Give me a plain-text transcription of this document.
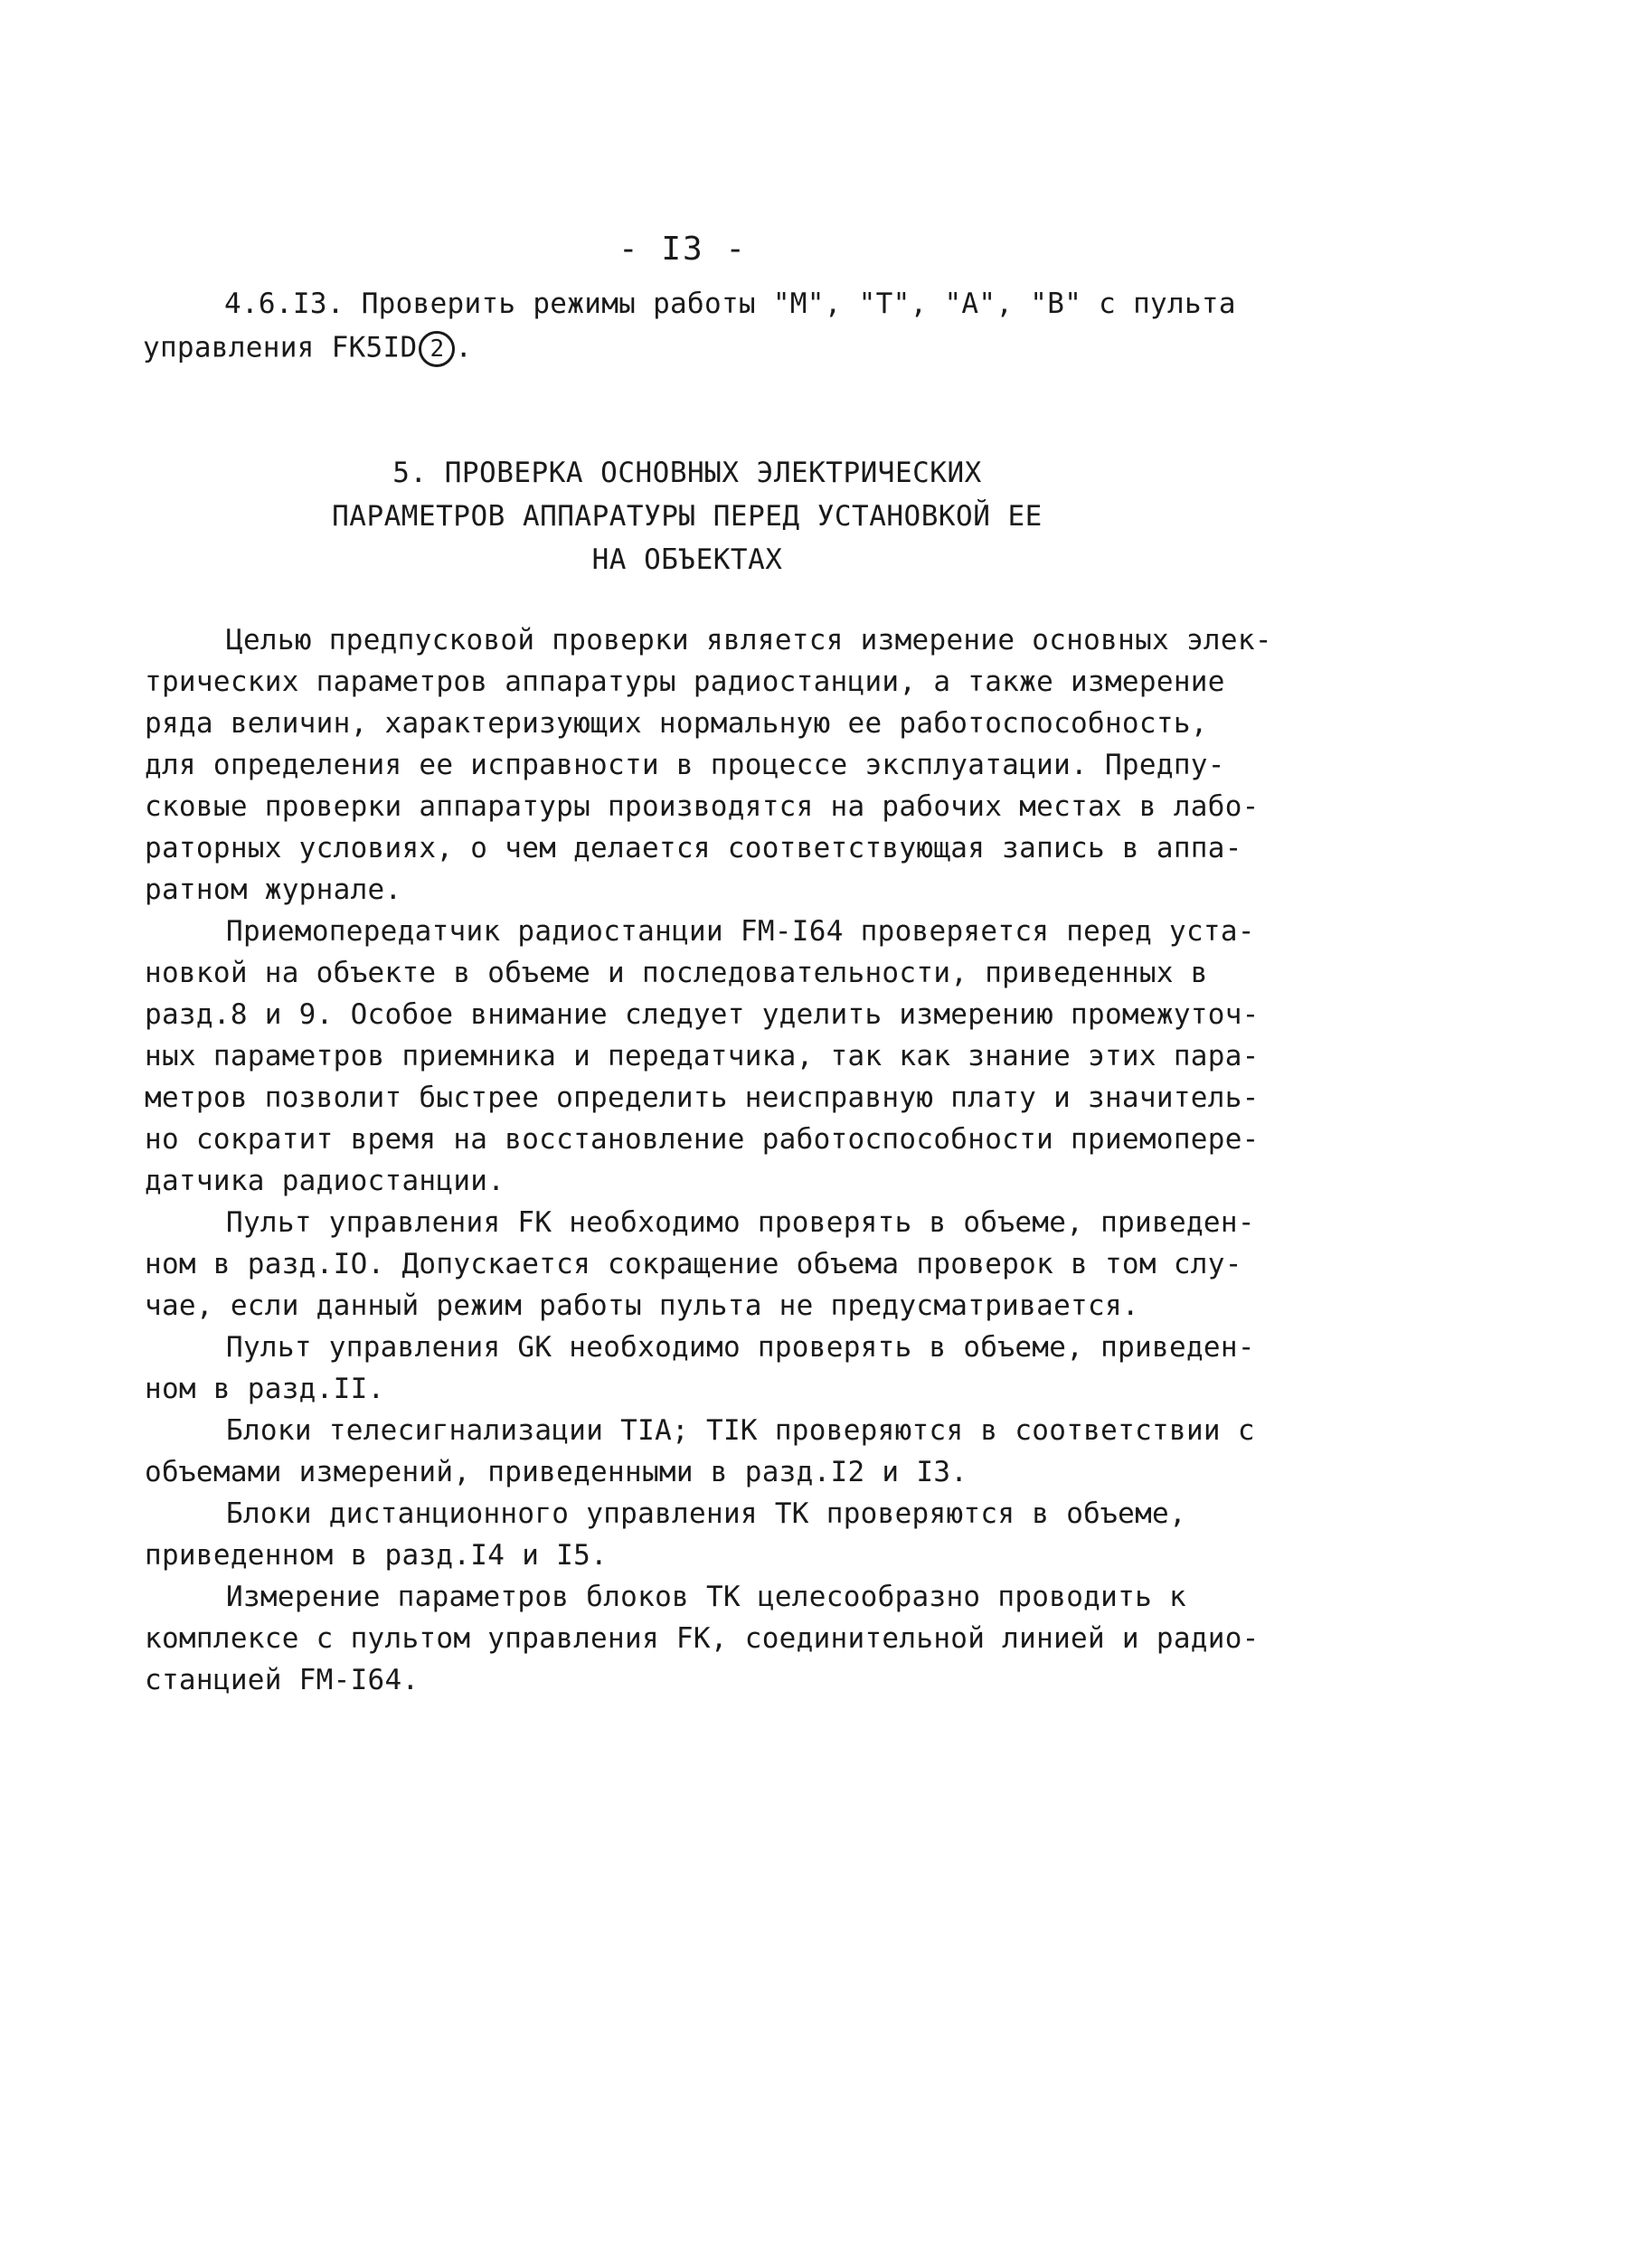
- I3 -
4.6.I3. Проверить режимы работы "М", "Т", "А", "В" с пульта
управления FK5ID 2 .
5. ПРОВЕРКА ОСНОВНЫХ ЭЛЕКТРИЧЕСКИХ
ПАРАМЕТРОВ АППАРАТУРЫ ПЕРЕД УСТАНОВКОЙ ЕЕ
НА ОБЪЕКТАХ
Целью предпусковой проверки является измерение основных элек-
трических параметров аппаратуры радиостанции, а также измерение
ряда величин, характеризующих нормальную ее работоспособность,
для определения ее исправности в процессе эксплуатации. Предпу-
сковые проверки аппаратуры производятся на рабочих местах в лабо-
раторных условиях, о чем делается соответствующая запись в аппа-
ратном журнале.
Приемопередатчик радиостанции FM-I64 проверяется перед уста-
новкой на объекте в объеме и последовательности, приведенных в
разд.8 и 9. Особое внимание следует уделить измерению промежуточ-
ных параметров приемника и передатчика, так как знание этих пара-
метров позволит быстрее определить неисправную плату и значитель-
но сократит время на восстановление работоспособности приемопере-
датчика радиостанции.
Пульт управления FK необходимо проверять в объеме, приведен-
ном в разд.IO. Допускается сокращение объема проверок в том слу-
чае, если данный режим работы пульта не предусматривается.
Пульт управления GK необходимо проверять в объеме, приведен-
ном в разд.II.
Блоки телесигнализации TIA; TIK проверяются в соответствии с
объемами измерений, приведенными в разд.I2 и I3.
Блоки дистанционного управления TK проверяются в объеме,
приведенном в разд.I4 и I5.
Измерение параметров блоков TK целесообразно проводить к
комплексе с пультом управления FK, соединительной линией и радио-
станцией FM-I64.
